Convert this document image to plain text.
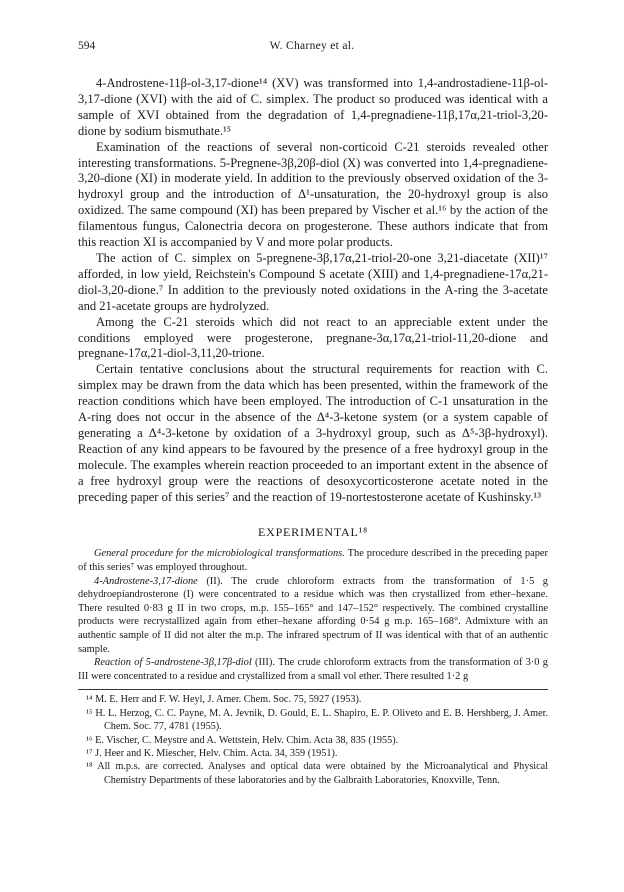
594	W. Charney et al.

4-Androstene-11β-ol-3,17-dione¹⁴ (XV) was transformed into 1,4-androstadiene-11β-ol-3,17-dione (XVI) with the aid of C. simplex. The product so produced was identical with a sample of XVI obtained from the degradation of 1,4-pregnadiene-11β,17α,21-triol-3,20-dione by sodium bismuthate.¹⁵

Examination of the reactions of several non-corticoid C-21 steroids revealed other interesting transformations. 5-Pregnene-3β,20β-diol (X) was converted into 1,4-pregnadiene-3,20-dione (XI) in moderate yield. In addition to the previously observed oxidation of the 3-hydroxyl group and the introduction of Δ¹-unsaturation, the 20-hydroxyl group is also oxidized. The same compound (XI) has been prepared by Vischer et al.¹⁶ by the action of the filamentous fungus, Calonectria decora on progesterone. These authors indicate that from this reaction XI is accompanied by V and more polar products.

The action of C. simplex on 5-pregnene-3β,17α,21-triol-20-one 3,21-diacetate (XII)¹⁷ afforded, in low yield, Reichstein's Compound S acetate (XIII) and 1,4-pregnadiene-17α,21-diol-3,20-dione.⁷ In addition to the previously noted oxidations in the A-ring the 3-acetate and 21-acetate groups are hydrolyzed.

Among the C-21 steroids which did not react to an appreciable extent under the conditions employed were progesterone, pregnane-3α,17α,21-triol-11,20-dione and pregnane-17α,21-diol-3,11,20-trione.

Certain tentative conclusions about the structural requirements for reaction with C. simplex may be drawn from the data which has been presented, within the framework of the reaction conditions which have been employed. The introduction of C-1 unsaturation in the A-ring does not occur in the absence of the Δ⁴-3-ketone system (or a system capable of generating a Δ⁴-3-ketone by oxidation of a 3-hydroxyl group, such as Δ⁵-3β-hydroxyl). Reaction of any kind appears to be favoured by the presence of a free hydroxyl group in the molecule. The examples wherein reaction proceeded to an important extent in the absence of a free hydroxyl group were the reactions of desoxycorticosterone acetate noted in the preceding paper of this series⁷ and the reaction of 19-nortestosterone acetate of Kushinsky.¹³

EXPERIMENTAL¹⁸

General procedure for the microbiological transformations. The procedure described in the preceding paper of this series⁷ was employed throughout.

4-Androstene-3,17-dione (II). The crude chloroform extracts from the transformation of 1·5 g dehydroepiandrosterone (I) were concentrated to a residue which was then crystallized from ether–hexane. There resulted 0·83 g II in two crops, m.p. 155–165° and 147–152° respectively. The combined crystalline products were recrystallized again from ether–hexane affording 0·54 g m.p. 165–168°. Admixture with an authentic sample of II did not alter the m.p. The infrared spectrum of II was identical with that of an authentic sample.

Reaction of 5-androstene-3β,17β-diol (III). The crude chloroform extracts from the transformation of 3·0 g III were concentrated to a residue and crystallized from a small vol ether. There resulted 1·2 g

¹⁴ M. E. Herr and F. W. Heyl, J. Amer. Chem. Soc. 75, 5927 (1953).

¹⁵ H. L. Herzog, C. C. Payne, M. A. Jevnik, D. Gould, E. L. Shapiro, E. P. Oliveto and E. B. Hershberg, J. Amer. Chem. Soc. 77, 4781 (1955).

¹⁶ E. Vischer, C. Meystre and A. Wettstein, Helv. Chim. Acta 38, 835 (1955).

¹⁷ J. Heer and K. Miescher, Helv. Chim. Acta. 34, 359 (1951).

¹⁸ All m.p.s. are corrected. Analyses and optical data were obtained by the Microanalytical and Physical Chemistry Departments of these laboratories and by the Galbraith Laboratories, Knoxville, Tenn.
